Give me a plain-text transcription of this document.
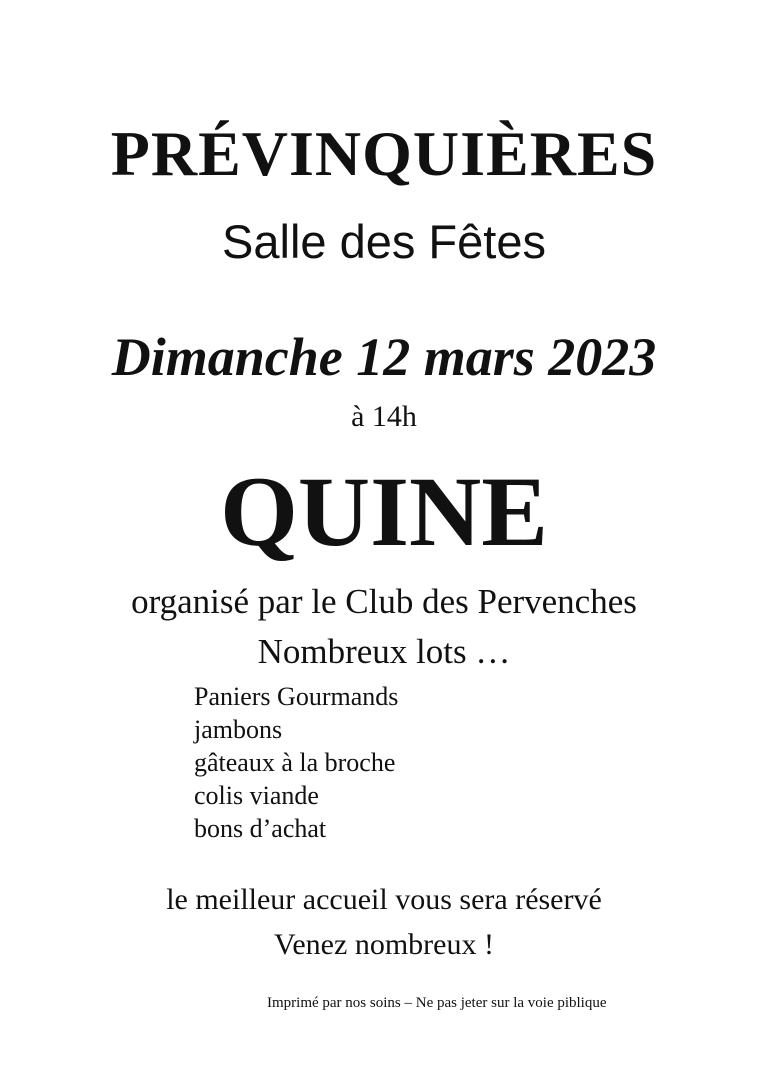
PRÉVINQUIÈRES
Salle des Fêtes
Dimanche 12 mars 2023
à 14h
QUINE
organisé par le Club des Pervenches
Nombreux lots …
Paniers Gourmands
jambons
gâteaux à la broche
colis viande
bons d’achat
le meilleur accueil vous sera réservé
Venez nombreux !
Imprimé par nos soins – Ne pas jeter sur la voie piblique
